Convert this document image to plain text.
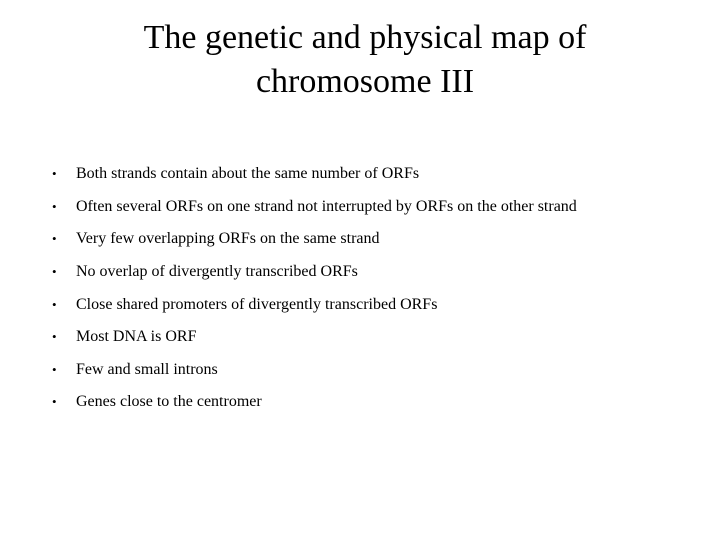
The genetic and physical map of
chromosome III
•	Both strands contain about the same number of ORFs
•	Often several ORFs on one strand not interrupted by ORFs on the other strand
•	Very few overlapping ORFs on the same strand
•	No overlap of divergently transcribed ORFs
•	Close shared promoters of divergently transcribed ORFs
•	Most DNA is ORF
•	Few and small introns
•	Genes close to the centromer
